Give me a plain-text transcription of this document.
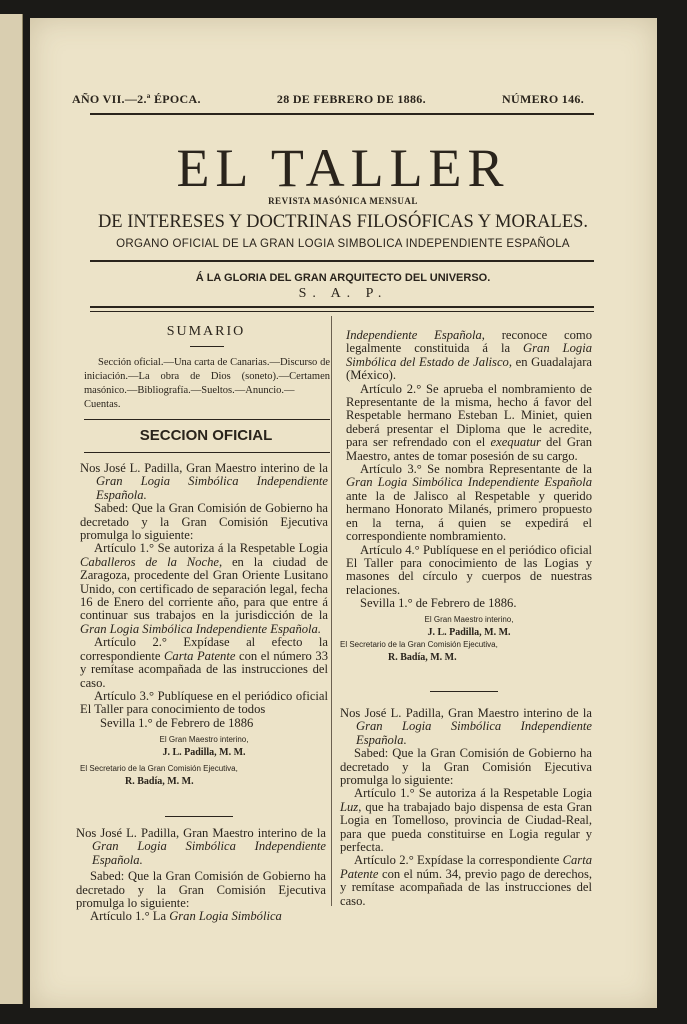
AÑO VII.—2.ª ÉPOCA.	28 DE FEBRERO DE 1886.	NÚMERO 146.
EL TALLER
REVISTA MASÓNICA MENSUAL
DE INTERESES Y DOCTRINAS FILOSÓFICAS Y MORALES.
ORGANO OFICIAL DE LA GRAN LOGIA SIMBOLICA INDEPENDIENTE ESPAÑOLA
Á LA GLORIA DEL GRAN ARQUITECTO DEL UNIVERSO.
S. A. P.
SUMARIO
Sección oficial.—Una carta de Canarias.—Discurso de iniciación.—La obra de Dios (soneto).—Certamen masónico.—Bibliografía.—Sueltos.—Anuncio.—Cuentas.
SECCION OFICIAL

Nos José L. Padilla, Gran Maestro interino de la Gran Logia Simbólica Independiente Española.

Sabed: Que la Gran Comisión de Gobierno ha decretado y la Gran Comisión Ejecutiva promulga lo siguiente:

Artículo 1.° Se autoriza á la Respetable Logia Caballeros de la Noche, en la ciudad de Zaragoza, procedente del Gran Oriente Lusitano Unido, con certificado de separación legal, fecha 16 de Enero del corriente año, para que entre á continuar sus trabajos en la jurisdicción de la Gran Logia Simbólica Independiente Española.

Artículo 2.° Expídase al efecto la correspondiente Carta Patente con el número 33 y remítase acompañada de las instrucciones del caso.

Artículo 3.° Publíquese en el periódico oficial El Taller para conocimiento de todos

Sevilla 1.° de Febrero de 1886

El Gran Maestro interino,
J. L. Padilla, M. M.
El Secretario de la Gran Comisión Ejecutiva,
R. Badía, M. M.

Nos José L. Padilla, Gran Maestro interino de la Gran Logia Simbólica Independiente Española.

Sabed: Que la Gran Comisión de Gobierno ha decretado y la Gran Comisión Ejecutiva promulga lo siguiente:

Artículo 1.° La Gran Logia Simbólica

Independiente Española, reconoce como legalmente constituida á la Gran Logia Simbólica del Estado de Jalisco, en Guadalajara (México).

Artículo 2.° Se aprueba el nombramiento de Representante de la misma, hecho á favor del Respetable hermano Esteban L. Miniet, quien deberá presentar el Diploma que le acredite, para ser refrendado con el exequatur del Gran Maestro, antes de tomar posesión de su cargo.

Artículo 3.° Se nombra Representante de la Gran Logia Simbólica Independiente Española ante la de Jalisco al Respetable y querido hermano Honorato Milanés, primero propuesto en la terna, á quien se expedirá el correspondiente nombramiento.

Artículo 4.° Publíquese en el periódico oficial El Taller para conocimiento de las Logias y masones del círculo y cuerpos de nuestras relaciones.

Sevilla 1.° de Febrero de 1886.

El Gran Maestro interino,
J. L. Padilla, M. M.
El Secretario de la Gran Comisión Ejecutiva,
R. Badía, M. M.

Nos José L. Padilla, Gran Maestro interino de la Gran Logia Simbólica Independiente Española.

Sabed: Que la Gran Comisión de Gobierno ha decretado y la Gran Comisión Ejecutiva promulga lo siguiente:

Artículo 1.° Se autoriza á la Respetable Logia Luz, que ha trabajado bajo dispensa de esta Gran Logia en Tomelloso, provincia de Ciudad-Real, para que pueda constituirse en Logia regular y perfecta.

Artículo 2.° Expídase la correspondiente Carta Patente con el núm. 34, previo pago de derechos, y remítase acompañada de las instrucciones del caso.
